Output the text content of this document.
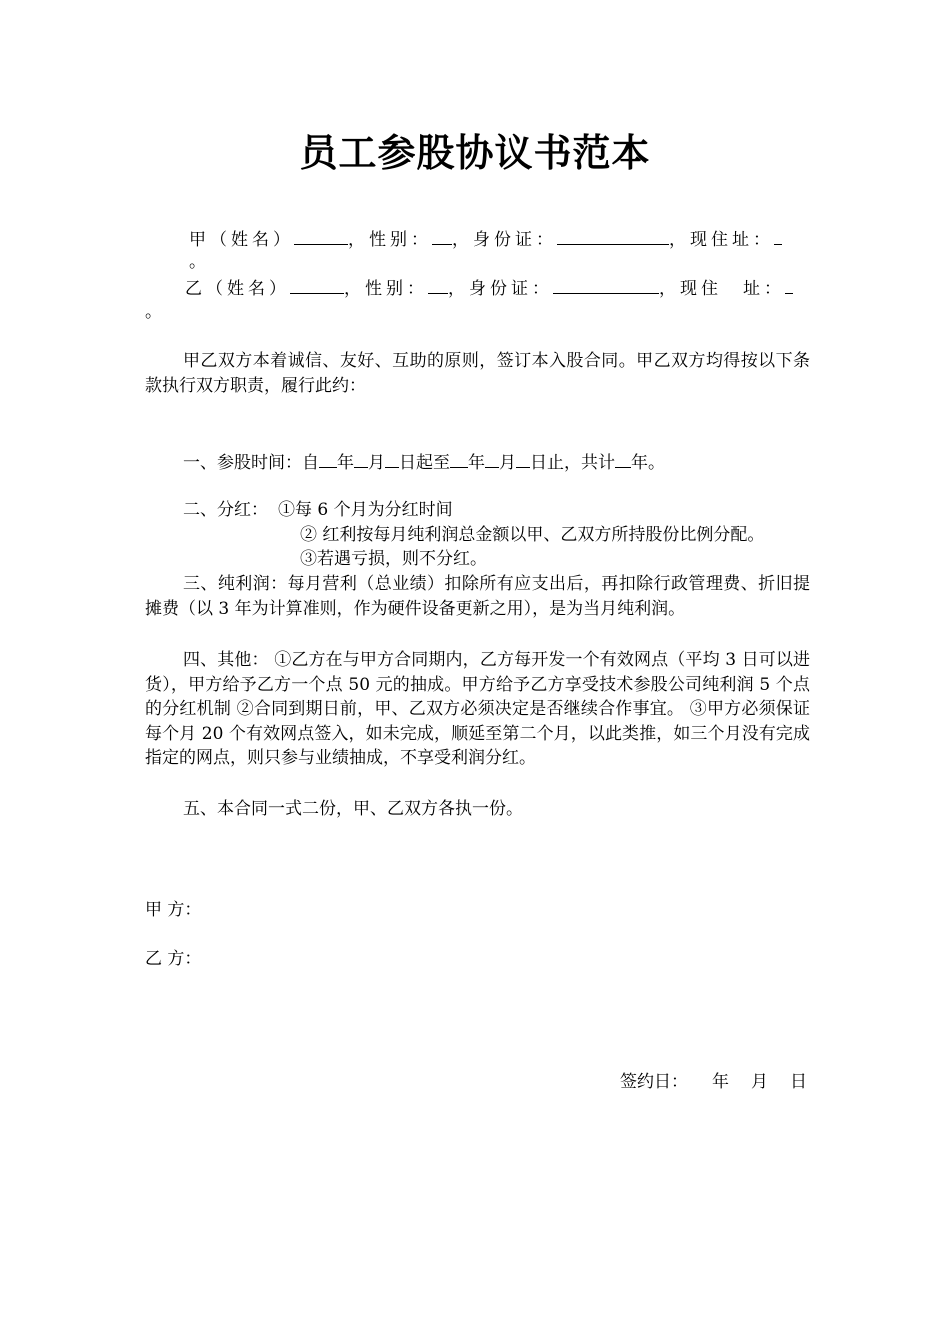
员工参股协议书范本
甲（姓名）	，性别： ，身份证：	，现住址：
。
乙（姓名）	，性别： ，身份证：	，现住　址：
。
甲乙双方本着诚信、友好、互助的原则，签订本入股合同。甲乙双方均得按以下条款执行双方职责，履行此约：
一、参股时间：自 年 月 日起至 年 月 日止，共计 年。
二、分红： ①每 6 个月为分红时间
② 红利按每月纯利润总金额以甲、乙双方所持股份比例分配。
③若遇亏损，则不分红。
三、纯利润：每月营利（总业绩）扣除所有应支出后，再扣除行政管理费、折旧提摊费（以 3 年为计算准则，作为硬件设备更新之用），是为当月纯利润。
四、其他： ①乙方在与甲方合同期内，乙方每开发一个有效网点（平均 3 日可以进货），甲方给予乙方一个点 50 元的抽成。甲方给予乙方享受技术参股公司纯利润 5 个点的分红机制 ②合同到期日前，甲、乙双方必须决定是否继续合作事宜。 ③甲方必须保证每个月 20 个有效网点签入，如未完成，顺延至第二个月，以此类推，如三个月没有完成指定的网点，则只参与业绩抽成，不享受利润分红。
五、本合同一式二份，甲、乙双方各执一份。
甲 方：
乙 方：
签约日： 年 月 日
